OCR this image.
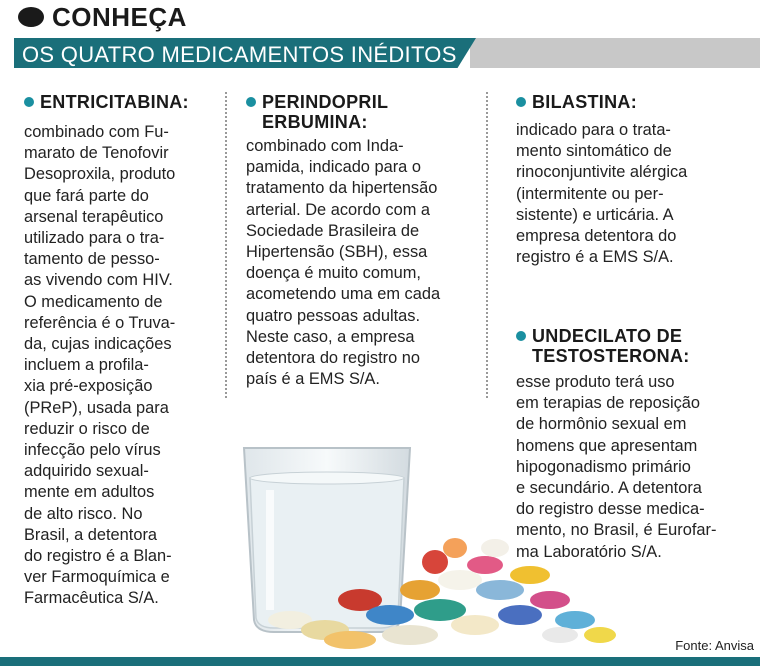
CONHEÇA
OS QUATRO MEDICAMENTOS INÉDITOS
ENTRICITABINA:
combinado com Fu-
marato de Tenofovir
Desoproxila, produto
que fará parte do
arsenal terapêutico
utilizado para o tra-
tamento de pesso-
as vivendo com HIV.
O medicamento de
referência é o Truva-
da, cujas indicações
incluem a profila-
xia pré-exposição
(PReP), usada para
reduzir o risco de
infecção pelo vírus
adquirido sexual-
mente em adultos
de alto risco. No
Brasil, a detentora
do registro é a Blan-
ver Farmoquímica e
Farmacêutica S/A.
PERINDOPRIL
ERBUMINA:
combinado com Inda-
pamida, indicado para o
tratamento da hipertensão
arterial. De acordo com a
Sociedade Brasileira de
Hipertensão (SBH), essa
doença é muito comum,
acometendo uma em cada
quatro pessoas adultas.
Neste caso, a empresa
detentora do registro no
país é a EMS S/A.
BILASTINA:
indicado para o trata-
mento sintomático de
rinoconjuntivite alérgica
(intermitente ou per-
sistente) e urticária. A
empresa detentora do
registro é a EMS S/A.
UNDECILATO DE
TESTOSTERONA:
esse produto terá uso
em terapias de reposição
de hormônio sexual em
homens que apresentam
hipogonadismo primário
e secundário. A detentora
do registro desse medica-
mento, no Brasil, é Eurofar-
ma Laboratório S/A.
Fonte: Anvisa
